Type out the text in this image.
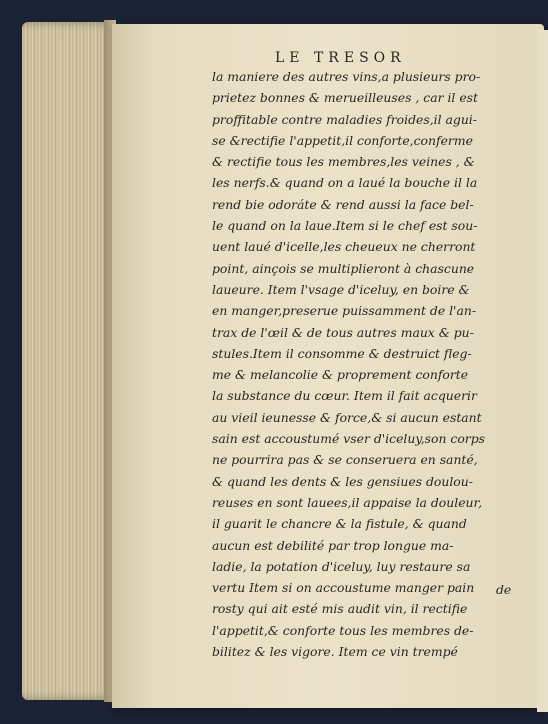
LE TRESOR
la maniere des autres vins,a plusieurs pro-
prietez bonnes & merueilleuses , car il est
proffitable contre maladies froides,il agui-
se &rectifie l'appetit,il conforte,conferme
& rectifie tous les membres,les veines , &
les nerfs.& quand on a laué la bouche il la
rend bie odoráte & rend aussi la face bel-
le quand on la laue.Item si le chef est sou-
uent laué d'icelle,les cheueux ne cherront
point, ainçois se multiplieront à chascune
laueure. Item l'vsage d'iceluy, en boire &
en manger,preserue puissamment de l'an-
trax de l'œil & de tous autres maux & pu-
stules.Item il consomme & destruict fleg-
me & melancolie & proprement conforte
la substance du cœur. Item il fait acquerir
au vieil ieunesse & force,& si aucun estant
sain est accoustumé vser d'iceluy,son corps
ne pourrira pas & se conseruera en santé,
& quand les dents & les gensiues doulou-
reuses en sont lauees,il appaise la douleur,
il guarit le chancre & la fistule, & quand
aucun est debilité par trop longue ma-
ladie, la potation d'iceluy, luy restaure sa
vertu Item si on accoustume manger pain
rosty qui ait esté mis audit vin, il rectifie
l'appetit,& conforte tous les membres de-
bilitez & les vigore. Item ce vin trempé
de
